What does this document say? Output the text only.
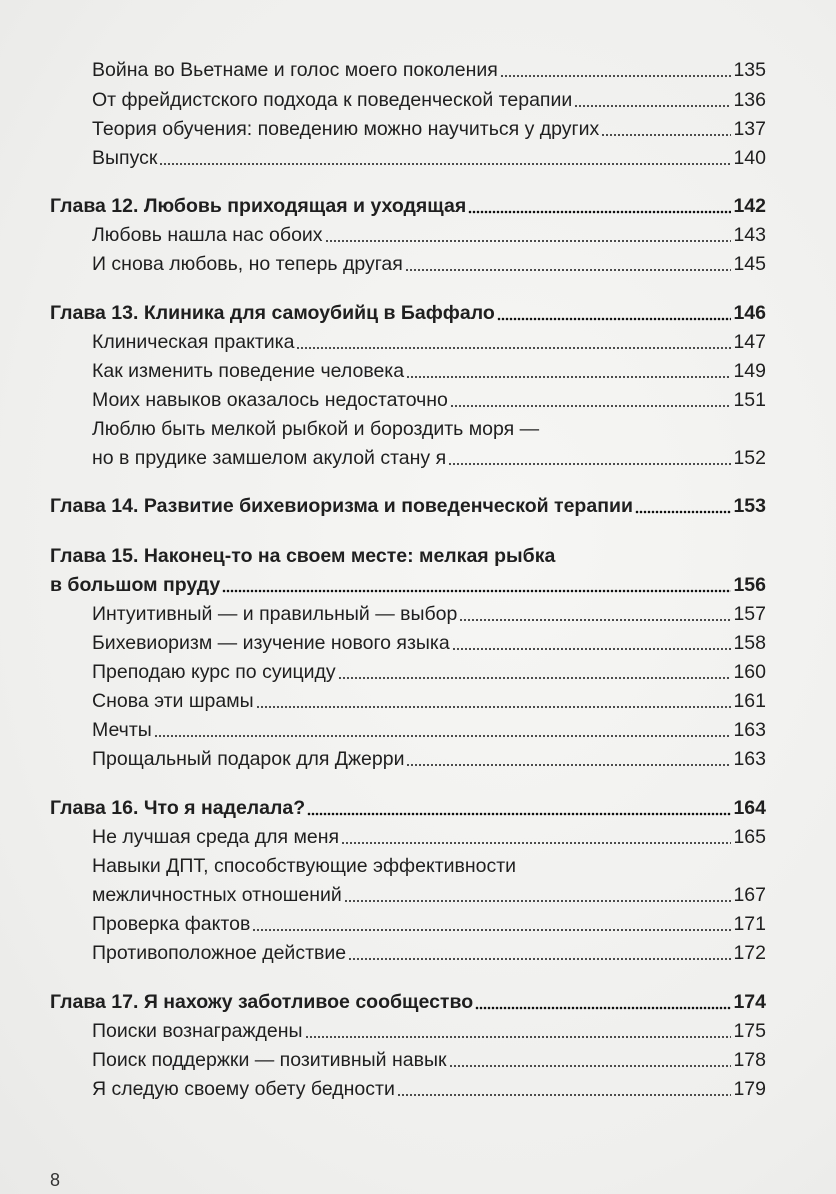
Война во Вьетнаме и голос моего поколения	135
От фрейдистского подхода к поведенческой терапии	136
Теория обучения: поведению можно научиться у других	137
Выпуск	140
Глава 12. Любовь приходящая и уходящая	142
Любовь нашла нас обоих	143
И снова любовь, но теперь другая	145
Глава 13. Клиника для самоубийц в Баффало	146
Клиническая практика	147
Как изменить поведение человека	149
Моих навыков оказалось недостаточно	151
Люблю быть мелкой рыбкой и бороздить моря —
но в прудике замшелом акулой стану я	152
Глава 14. Развитие бихевиоризма и поведенческой терапии	153
Глава 15. Наконец-то на своем месте: мелкая рыбка
в большом пруду	156
Интуитивный — и правильный — выбор	157
Бихевиоризм — изучение нового языка	158
Преподаю курс по суициду	160
Снова эти шрамы	161
Мечты	163
Прощальный подарок для Джерри	163
Глава 16. Что я наделала?	164
Не лучшая среда для меня	165
Навыки ДПТ, способствующие эффективности
межличностных отношений	167
Проверка фактов	171
Противоположное действие	172
Глава 17. Я нахожу заботливое сообщество	174
Поиски вознаграждены	175
Поиск поддержки — позитивный навык	178
Я следую своему обету бедности	179
8
